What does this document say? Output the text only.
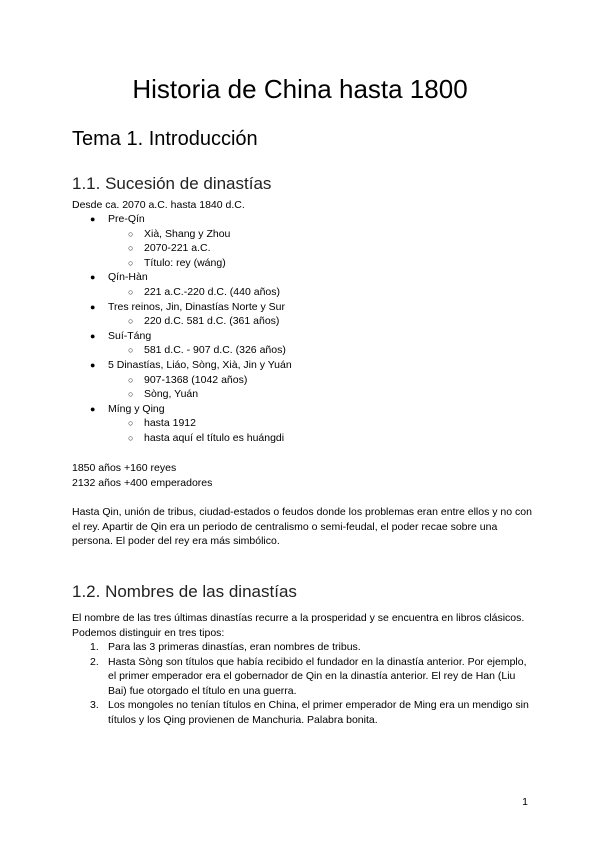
Historia de China hasta 1800
Tema 1. Introducción
1.1. Sucesión de dinastías

Desde ca. 2070 a.C. hasta 1840 d.C.

● Pre-Qín
○ Xià, Shang y Zhou
○ 2070-221 a.C.
○ Título: rey (wáng)
● Qín-Hàn
○ 221 a.C.-220 d.C. (440 años)
● Tres reinos, Jin, Dinastías Norte y Sur
○ 220 d.C. 581 d.C. (361 años)
● Suí-Táng
○ 581 d.C. - 907 d.C. (326 años)
● 5 Dinastías, Liáo, Sòng, Xià, Jin y Yuán
○ 907-1368 (1042 años)
○ Sòng, Yuán
● Míng y Qing
○ hasta 1912
○ hasta aquí el título es huángdi

1850 años +160 reyes

2132 años +400 emperadores

Hasta Qin, unión de tribus, ciudad-estados o feudos donde los problemas eran entre ellos y no con el rey. Apartir de Qin era un periodo de centralismo o semi-feudal, el poder recae sobre una persona. El poder del rey era más simbólico.

1.2. Nombres de las dinastías

El nombre de las tres últimas dinastías recurre a la prosperidad y se encuentra en libros clásicos. Podemos distinguir en tres tipos:

1. Para las 3 primeras dinastías, eran nombres de tribus.
2. Hasta Sòng son títulos que había recibido el fundador en la dinastía anterior. Por ejemplo, el primer emperador era el gobernador de Qin en la dinastía anterior. El rey de Han (Liu Bai) fue otorgado el título en una guerra.
3. Los mongoles no tenían títulos en China, el primer emperador de Ming era un mendigo sin títulos y los Qing provienen de Manchuria. Palabra bonita.
1
